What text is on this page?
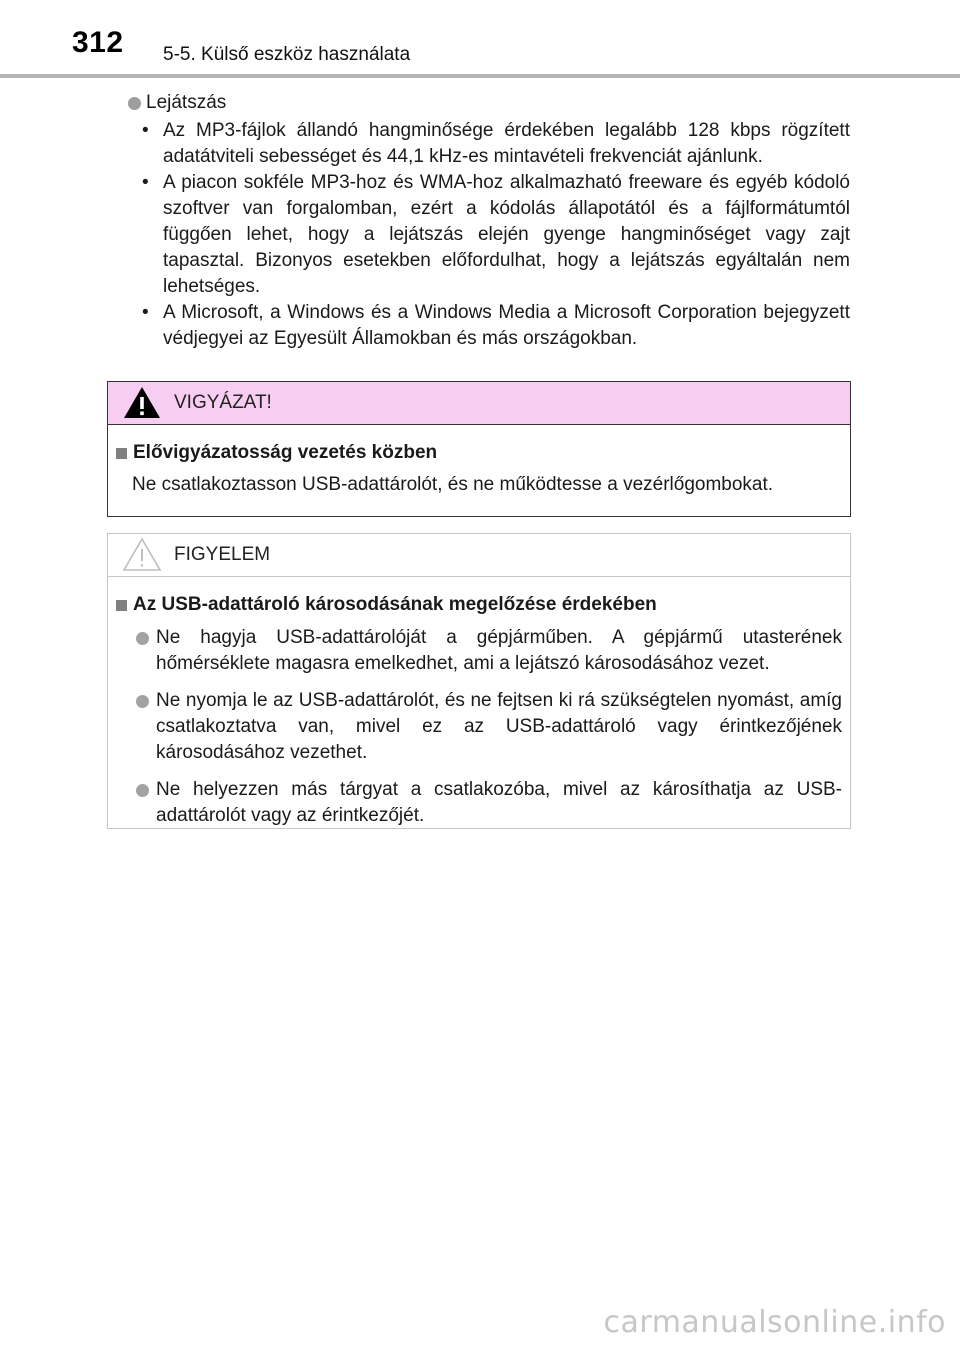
312 5-5. Külső eszköz használata
Lejátszás
• Az MP3-fájlok állandó hangminősége érdekében legalább 128 kbps rögzített adatátviteli sebességet és 44,1 kHz-es mintavételi frekvenciát ajánlunk.
• A piacon sokféle MP3-hoz és WMA-hoz alkalmazható freeware és egyéb kódoló szoftver van forgalomban, ezért a kódolás állapotától és a fájlformátumtól függően lehet, hogy a lejátszás elején gyenge hangminőséget vagy zajt tapasztal. Bizonyos esetekben előfordulhat, hogy a lejátszás egyáltalán nem lehetséges.
• A Microsoft, a Windows és a Windows Media a Microsoft Corporation bejegyzett védjegyei az Egyesült Államokban és más országokban.
VIGYÁZAT!
Elővigyázatosság vezetés közben
Ne csatlakoztasson USB-adattárolót, és ne működtesse a vezérlőgombokat.
FIGYELEM
Az USB-adattároló károsodásának megelőzése érdekében
Ne hagyja USB-adattárolóját a gépjárműben. A gépjármű utasterének hőmérséklete magasra emelkedhet, ami a lejátszó károsodásához vezet.
Ne nyomja le az USB-adattárolót, és ne fejtsen ki rá szükségtelen nyomást, amíg csatlakoztatva van, mivel ez az USB-adattároló vagy érintkezőjének károsodásához vezethet.
Ne helyezzen más tárgyat a csatlakozóba, mivel az károsíthatja az USB-adattárolót vagy az érintkezőjét.
carmanualsonline.info
